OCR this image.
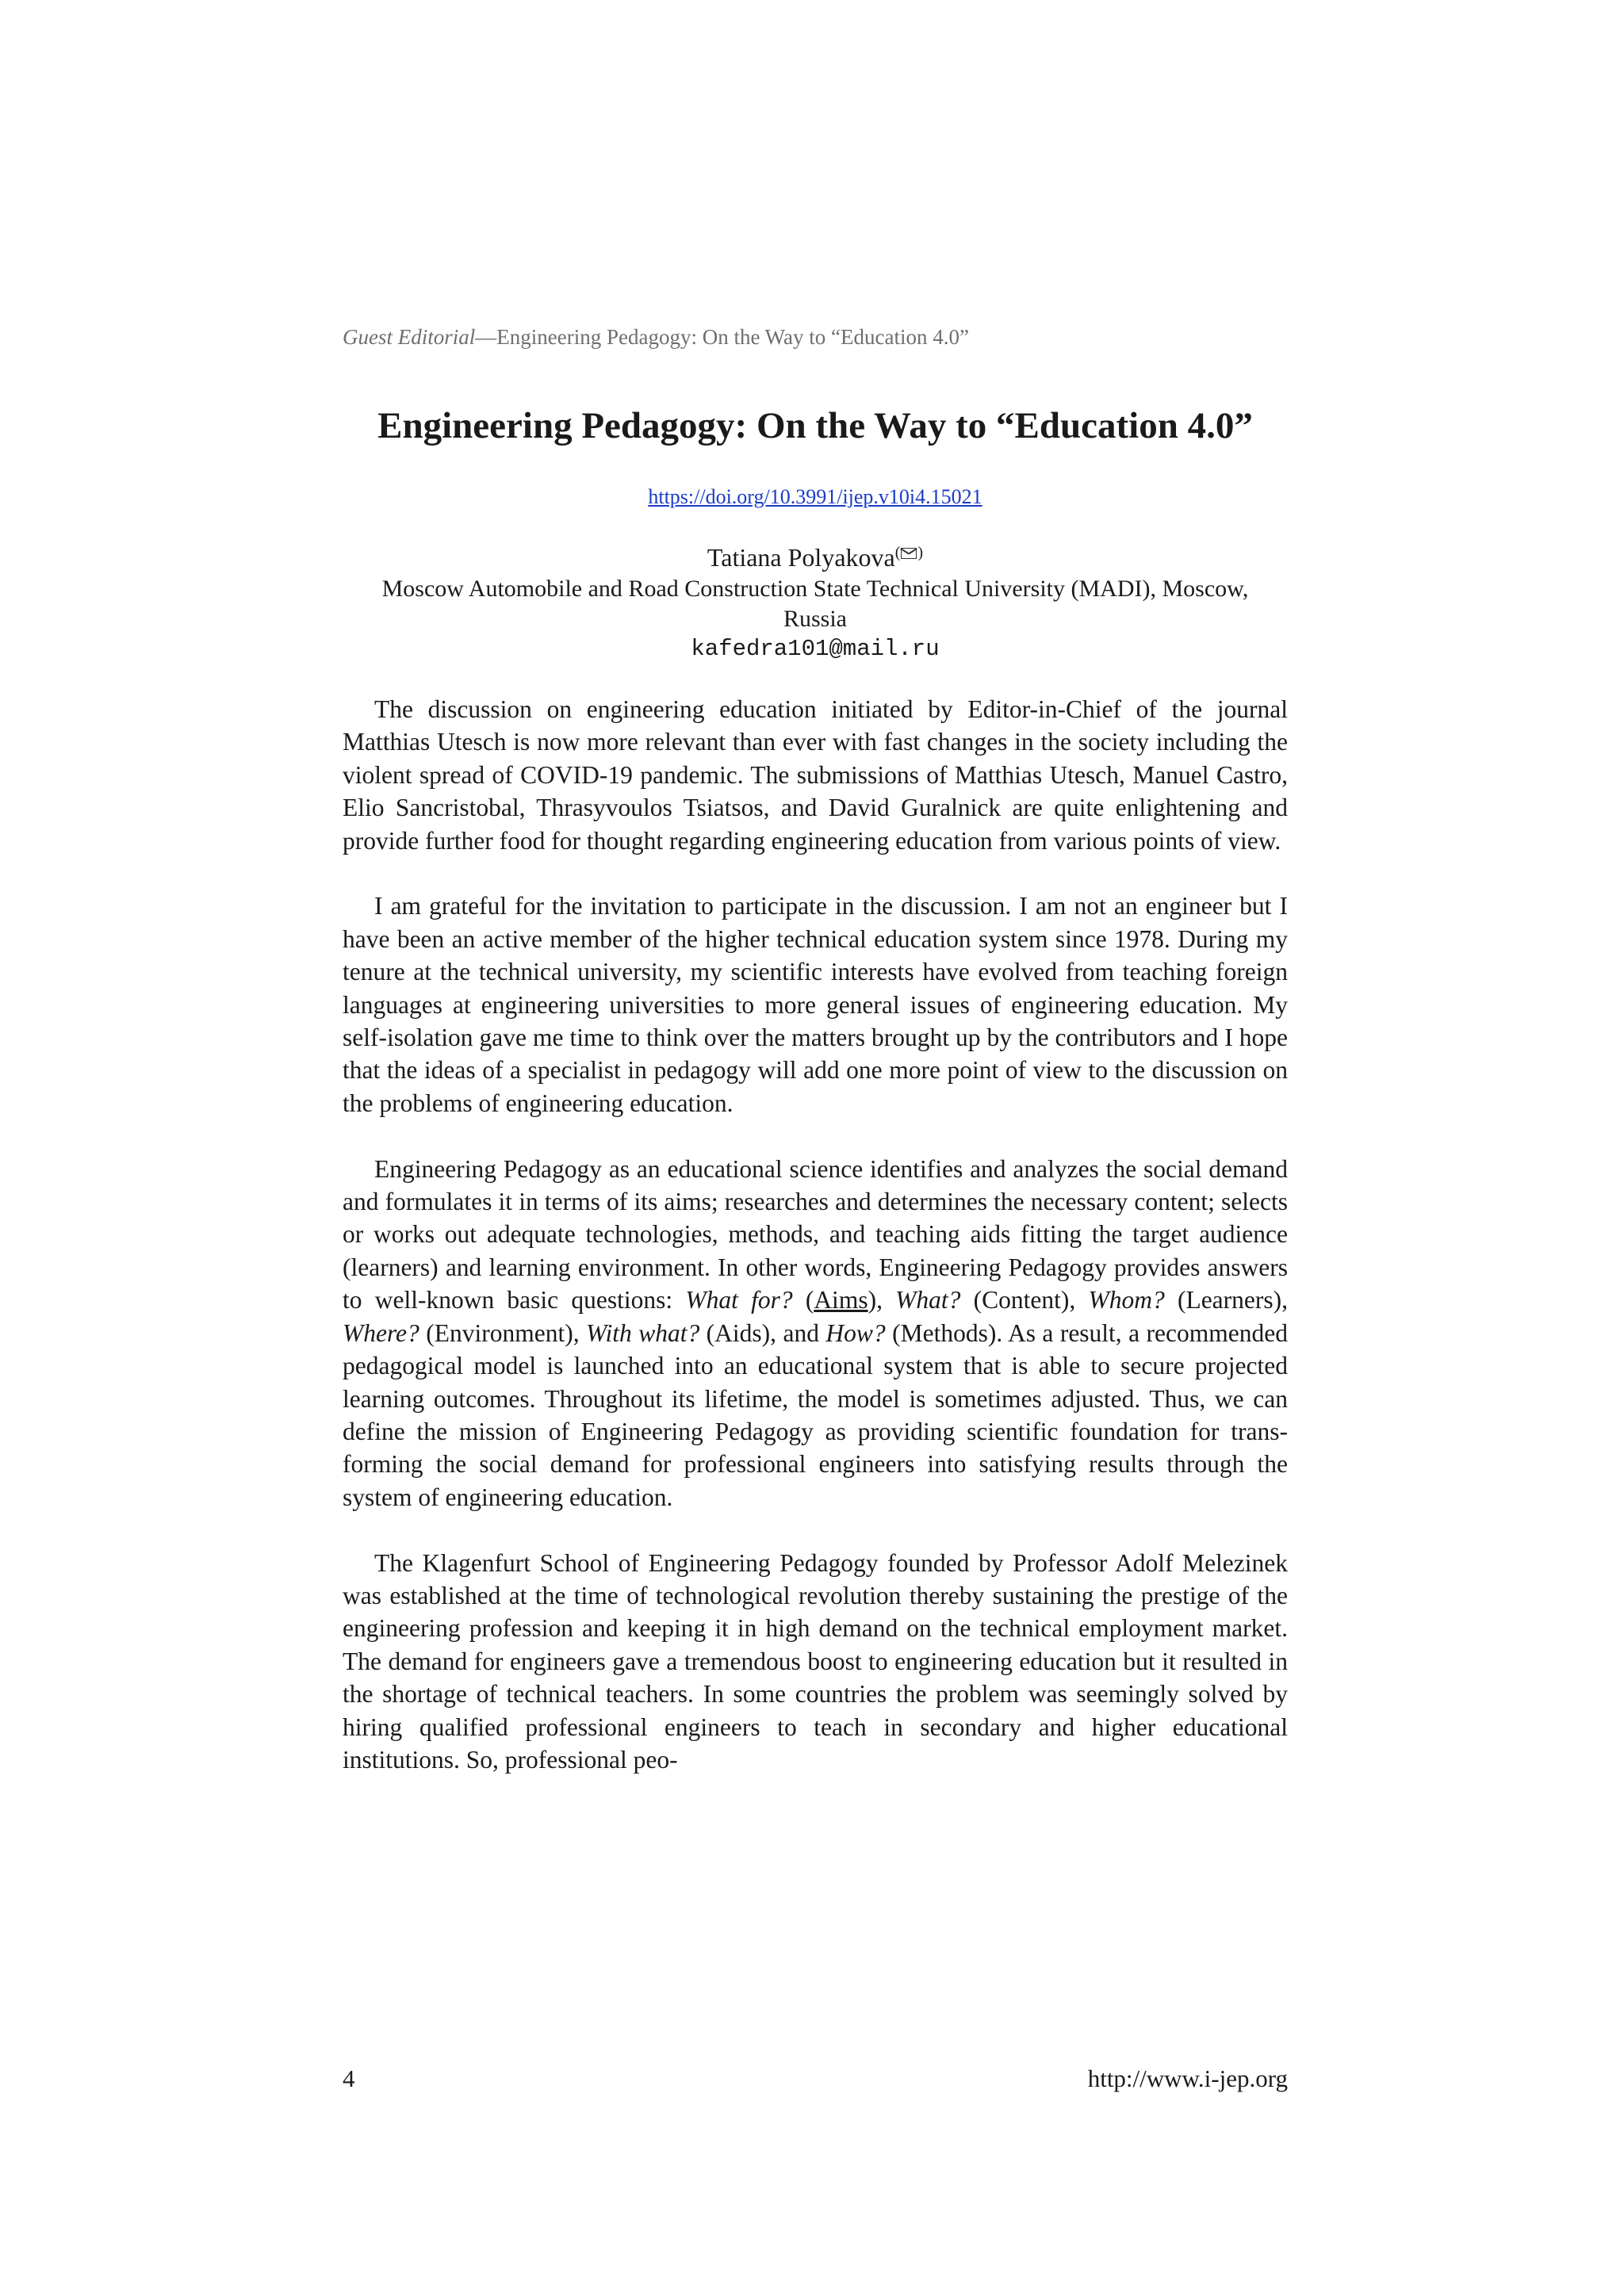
Guest Editorial—Engineering Pedagogy: On the Way to “Education 4.0”
Engineering Pedagogy: On the Way to “Education 4.0”
https://doi.org/10.3991/ijep.v10i4.15021
Tatiana Polyakova( )
Moscow Automobile and Road Construction State Technical University (MADI), Moscow,
Russia
kafedra101@mail.ru

The discussion on engineering education initiated by Editor-in-Chief of the journal Matthias Utesch is now more relevant than ever with fast changes in the society including the violent spread of COVID-19 pandemic. The submissions of Matthias Utesch, Manuel Castro, Elio Sancristobal, Thrasyvoulos Tsiatsos, and David Guralnick are quite enlightening and provide further food for thought regarding engineering education from various points of view.

I am grateful for the invitation to participate in the discussion. I am not an engineer but I have been an active member of the higher technical education system since 1978. During my tenure at the technical university, my scientific interests have evolved from teaching foreign languages at engineering universities to more general issues of engineering education. My self-isolation gave me time to think over the matters brought up by the contributors and I hope that the ideas of a specialist in pedagogy will add one more point of view to the discussion on the problems of engineering education.

Engineering Pedagogy as an educational science identifies and analyzes the social demand and formulates it in terms of its aims; researches and determines the necessary content; selects or works out adequate technologies, methods, and teaching aids fitting the target audience (learners) and learning environment. In other words, Engineering Pedagogy provides answers to well-known basic questions: What for? (Aims), What? (Content), Whom? (Learners), Where? (Environment), With what? (Aids), and How? (Methods). As a result, a recommended pedagogical model is launched into an educational system that is able to secure projected learning outcomes. Throughout its lifetime, the model is sometimes adjusted. Thus, we can define the mission of Engineering Pedagogy as providing scientific foundation for transforming the social demand for professional engineers into satisfying results through the system of engineering education.

The Klagenfurt School of Engineering Pedagogy founded by Professor Adolf Melezinek was established at the time of technological revolution thereby sustaining the prestige of the engineering profession and keeping it in high demand on the technical employment market. The demand for engineers gave a tremendous boost to engineering education but it resulted in the shortage of technical teachers. In some countries the problem was seemingly solved by hiring qualified professional engineers to teach in secondary and higher educational institutions. So, professional peo-

4	http://www.i-jep.org
